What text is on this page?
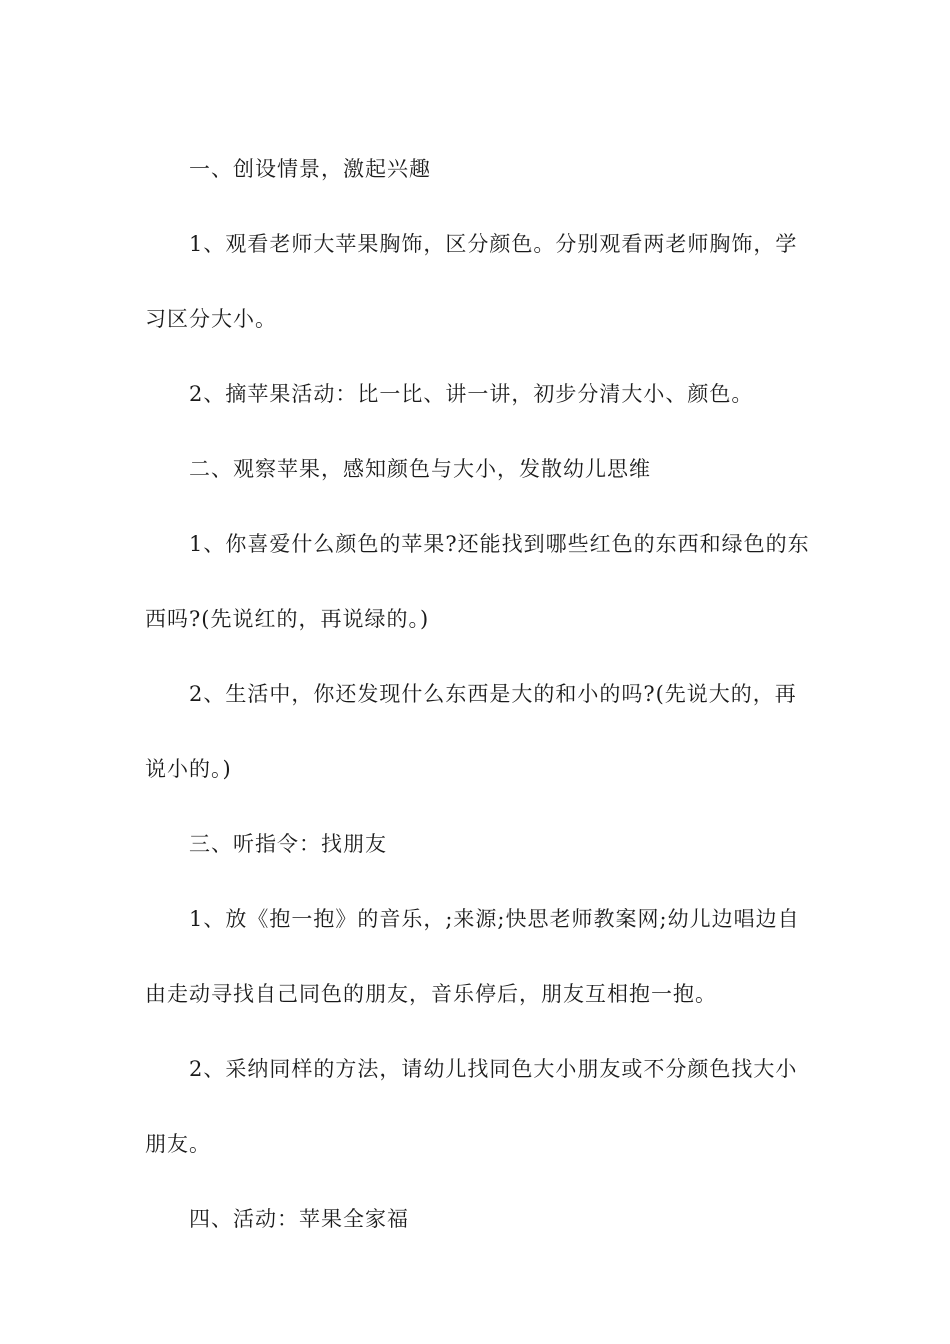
一、创设情景，激起兴趣

1、观看老师大苹果胸饰，区分颜色。分别观看两老师胸饰，学习区分大小。

2、摘苹果活动：比一比、讲一讲，初步分清大小、颜色。

二、观察苹果，感知颜色与大小，发散幼儿思维

1、你喜爱什么颜色的苹果?还能找到哪些红色的东西和绿色的东西吗?(先说红的，再说绿的。)

2、生活中，你还发现什么东西是大的和小的吗?(先说大的，再说小的。)

三、听指令：找朋友

1、放《抱一抱》的音乐，;来源;快思老师教案网;幼儿边唱边自由走动寻找自己同色的朋友，音乐停后，朋友互相抱一抱。

2、采纳同样的方法，请幼儿找同色大小朋友或不分颜色找大小朋友。

四、活动：苹果全家福
